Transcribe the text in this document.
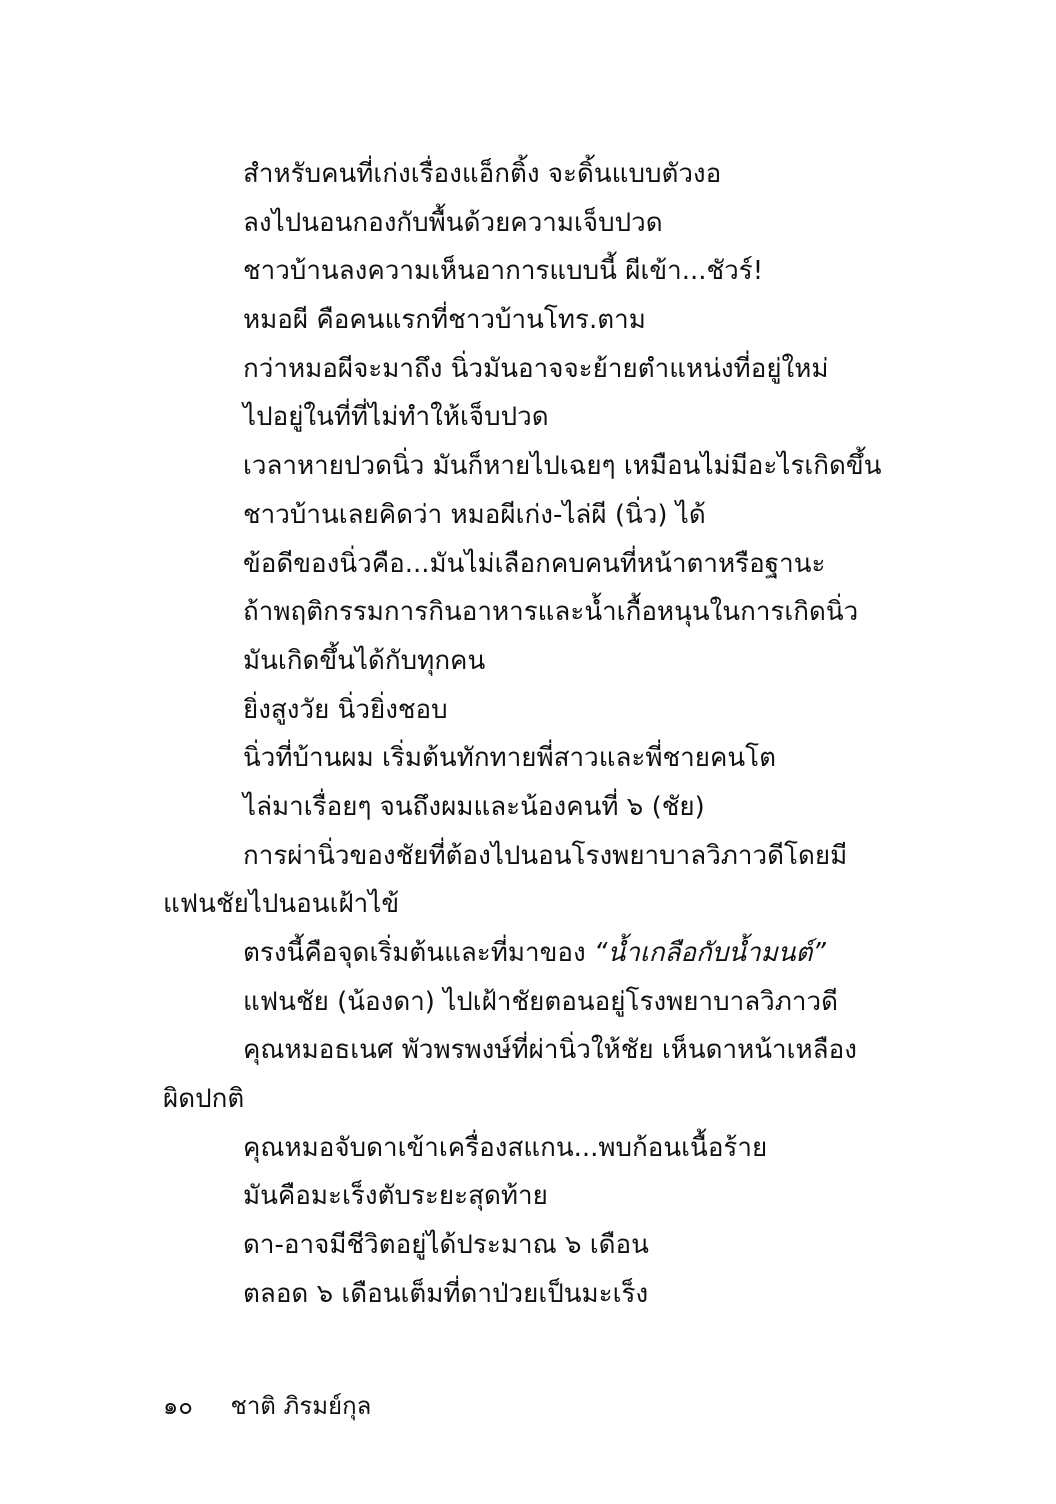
สำหรับคนที่เก่งเรื่องแอ็กติ้ง จะดิ้นแบบตัวงอ
ลงไปนอนกองกับพื้นด้วยความเจ็บปวด
ชาวบ้านลงความเห็นอาการแบบนี้ ผีเข้า...ชัวร์!
หมอผี คือคนแรกที่ชาวบ้านโทร.ตาม
กว่าหมอผีจะมาถึง นิ่วมันอาจจะย้ายตำแหน่งที่อยู่ใหม่
ไปอยู่ในที่ที่ไม่ทำให้เจ็บปวด
เวลาหายปวดนิ่ว มันก็หายไปเฉยๆ เหมือนไม่มีอะไรเกิดขึ้น
ชาวบ้านเลยคิดว่า หมอผีเก่ง-ไล่ผี (นิ่ว) ได้
ข้อดีของนิ่วคือ...มันไม่เลือกคบคนที่หน้าตาหรือฐานะ
ถ้าพฤติกรรมการกินอาหารและน้ำเกื้อหนุนในการเกิดนิ่ว
มันเกิดขึ้นได้กับทุกคน
ยิ่งสูงวัย นิ่วยิ่งชอบ
นิ่วที่บ้านผม เริ่มต้นทักทายพี่สาวและพี่ชายคนโต
ไล่มาเรื่อยๆ จนถึงผมและน้องคนที่ ๖ (ชัย)
การผ่านิ่วของชัยที่ต้องไปนอนโรงพยาบาลวิภาวดีโดยมี
แฟนชัยไปนอนเฝ้าไข้
ตรงนี้คือจุดเริ่มต้นและที่มาของ “น้ำเกลือกับน้ำมนต์”
แฟนชัย (น้องดา) ไปเฝ้าชัยตอนอยู่โรงพยาบาลวิภาวดี
คุณหมอธเนศ พัวพรพงษ์ที่ผ่านิ่วให้ชัย เห็นดาหน้าเหลือง
ผิดปกติ
คุณหมอจับดาเข้าเครื่องสแกน...พบก้อนเนื้อร้าย
มันคือมะเร็งตับระยะสุดท้าย
ดา-อาจมีชีวิตอยู่ได้ประมาณ ๖ เดือน
ตลอด ๖ เดือนเต็มที่ดาป่วยเป็นมะเร็ง
๑๐ ชาติ ภิรมย์กุล
